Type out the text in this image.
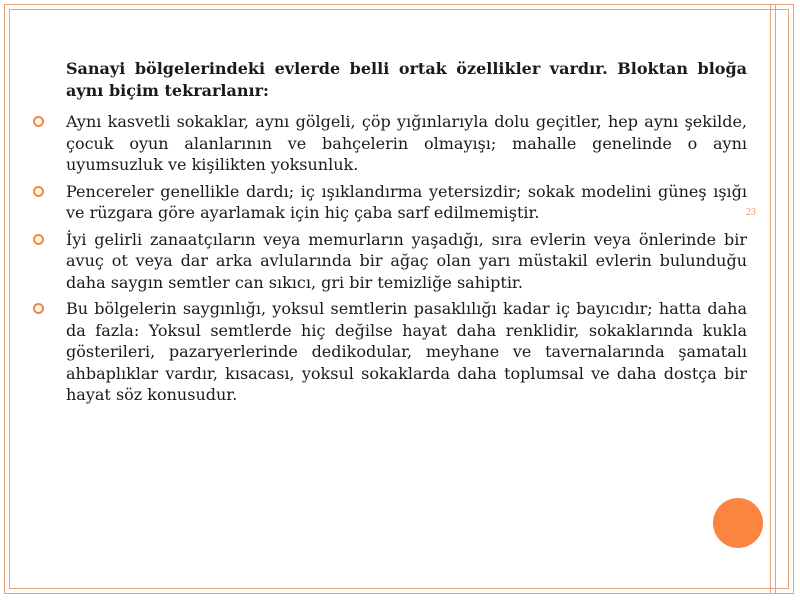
23
Sanayi bölgelerindeki evlerde belli ortak özellikler vardır. Bloktan bloğa aynı biçim tekrarlanır:
Aynı kasvetli sokaklar, aynı gölgeli, çöp yığınlarıyla dolu geçitler, hep aynı şekilde, çocuk oyun alanlarının ve bahçelerin olmayışı; mahalle genelinde o aynı uyumsuzluk ve kişilikten yoksunluk.
Pencereler genellikle dardı; iç ışıklandırma yetersizdir; sokak modelini güneş ışığı ve rüzgara göre ayarlamak için hiç çaba sarf edilmemiştir.
İyi gelirli zanaatçıların veya memurların yaşadığı, sıra evlerin veya önlerinde bir avuç ot veya dar arka avlularında bir ağaç olan yarı müstakil evlerin bulunduğu daha saygın semtler can sıkıcı, gri bir temizliğe sahiptir.
Bu bölgelerin saygınlığı, yoksul semtlerin pasaklılığı kadar iç bayıcıdır; hatta daha da fazla: Yoksul semtlerde hiç değilse hayat daha renklidir, sokaklarında kukla gösterileri, pazaryerlerinde dedikodular, meyhane ve tavernalarında şamatalı ahbaplıklar vardır, kısacası, yoksul sokaklarda daha toplumsal ve daha dostça bir hayat söz konusudur.
